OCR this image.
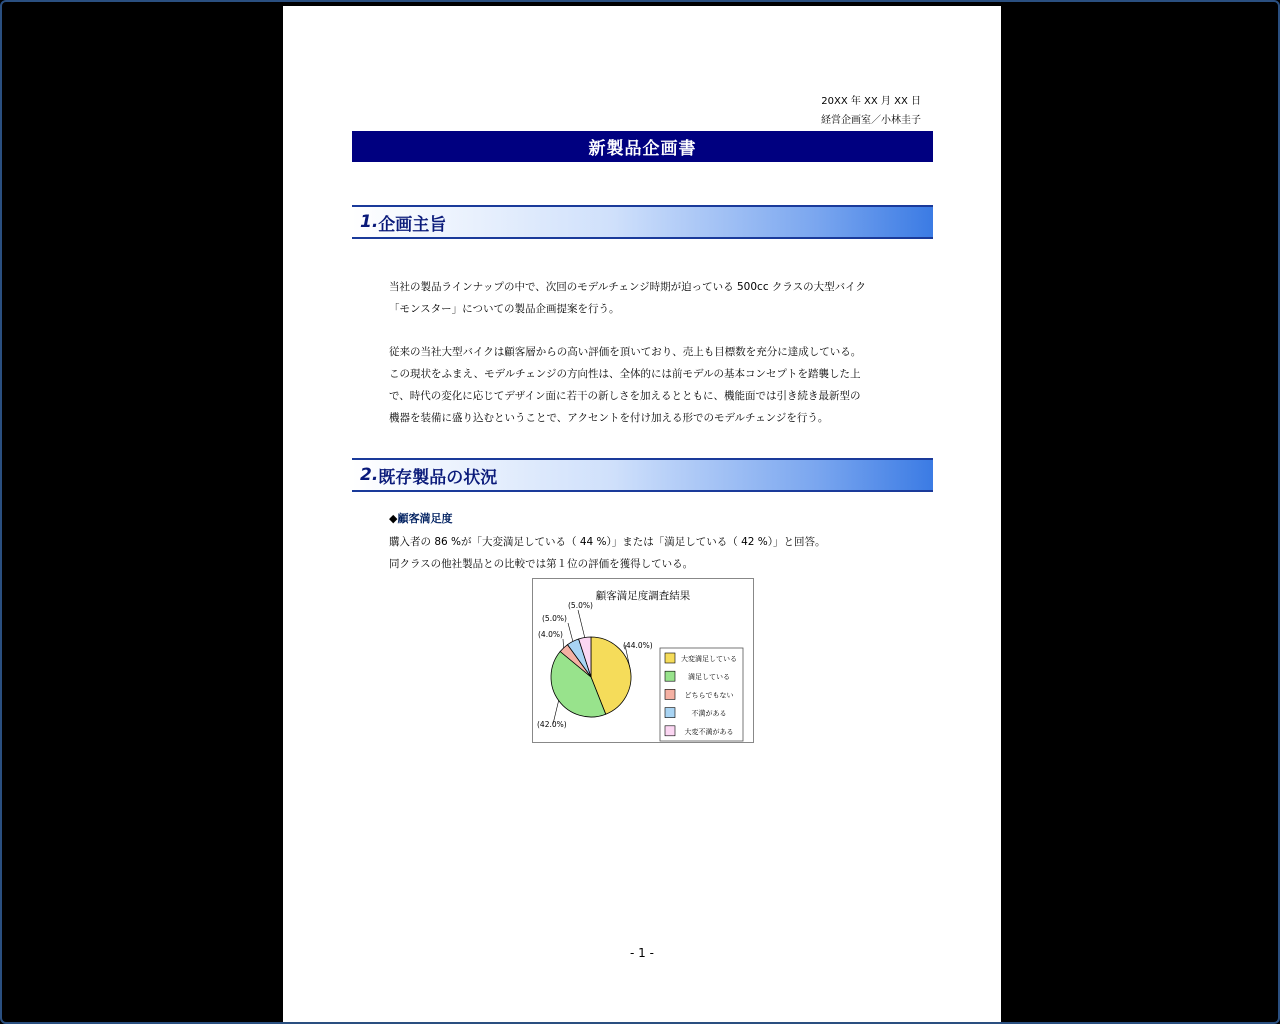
20XX 年 XX 月 XX 日
経営企画室／小林圭子
新製品企画書
1. 企画主旨
当社の製品ラインナップの中で、次回のモデルチェンジ時期が迫っている 500cc クラスの大型バイク
「モンスター」についての製品企画提案を行う。
従来の当社大型バイクは顧客層からの高い評価を頂いており、売上も目標数を充分に達成している。
この現状をふまえ、モデルチェンジの方向性は、全体的には前モデルの基本コンセプトを踏襲した上
で、時代の変化に応じてデザイン面に若干の新しさを加えるとともに、機能面では引き続き最新型の
機器を装備に盛り込むということで、アクセントを付け加える形でのモデルチェンジを行う。
2. 既存製品の状況
◆顧客満足度
購入者の 86 %が「大変満足している（ 44 %）」または「満足している（ 42 %）」と回答。
同クラスの他社製品との比較では第１位の評価を獲得している。
顧客満足度調査結果
(44.0%)
(42.0%)
(4.0%)
(5.0%)
(5.0%)
大変満足している
満足している
どちらでもない
不満がある
大変不満がある
- 1 -
